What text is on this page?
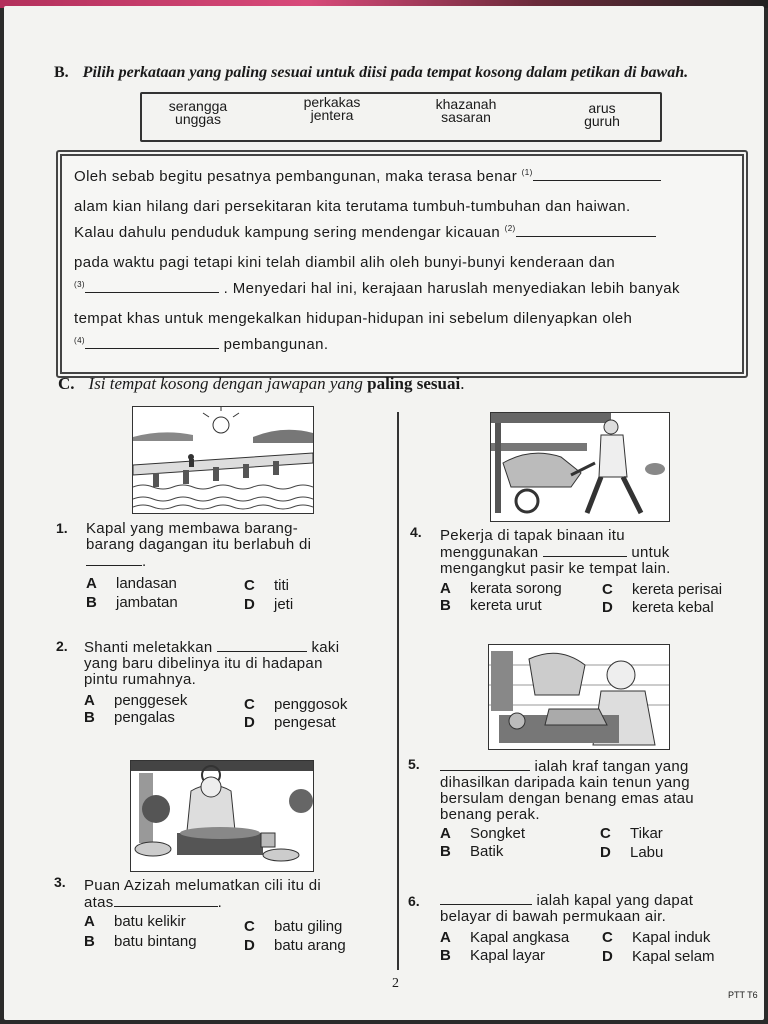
B. Pilih perkataan yang paling sesuai untuk diisi pada tempat kosong dalam petikan di bawah.
serangga
unggas
perkakas
jentera
khazanah
sasaran
arus
guruh
Oleh sebab begitu pesatnya pembangunan, maka terasa benar $^{(1)}$
alam kian hilang dari persekitaran kita terutama tumbuh-tumbuhan dan haiwan.
Kalau dahulu penduduk kampung sering mendengar kicauan $^{(2)}$
pada waktu pagi tetapi kini telah diambil alih oleh bunyi-bunyi kenderaan dan
$^{(3)}$	. Menyedari hal ini, kerajaan haruslah menyediakan lebih banyak
tempat khas untuk mengekalkan hidupan-hidupan ini sebelum dilenyapkan oleh
$^{(4)}$	pembangunan.
C. Isi tempat kosong dengan jawapan yang paling sesuai.
1. Kapal yang membawa barang-
barang dagangan itu berlabuh di
.
A landasan	C titi
B jambatan	D jeti
2. Shanti meletakkan	kaki
yang baru dibelinya itu di hadapan
pintu rumahnya.
A penggesek	C penggosok
B pengalas	D pengesat
3. Puan Azizah melumatkan cili itu di
atas	.
A batu kelikir	C batu giling
B batu bintang	D batu arang
4. Pekerja di tapak binaan itu
menggunakan	untuk
mengangkut pasir ke tempat lain.
A kerata sorong	C kereta perisai
B kereta urut	D kereta kebal
5.	ialah kraf tangan yang
dihasilkan daripada kain tenun yang
bersulam dengan benang emas atau
benang perak.
A Songket	C Tikar
B Batik	D Labu
6.	ialah kapal yang dapat
belayar di bawah permukaan air.
A Kapal angkasa C Kapal induk
B Kapal layar	D Kapal selam
2
PTT T6
